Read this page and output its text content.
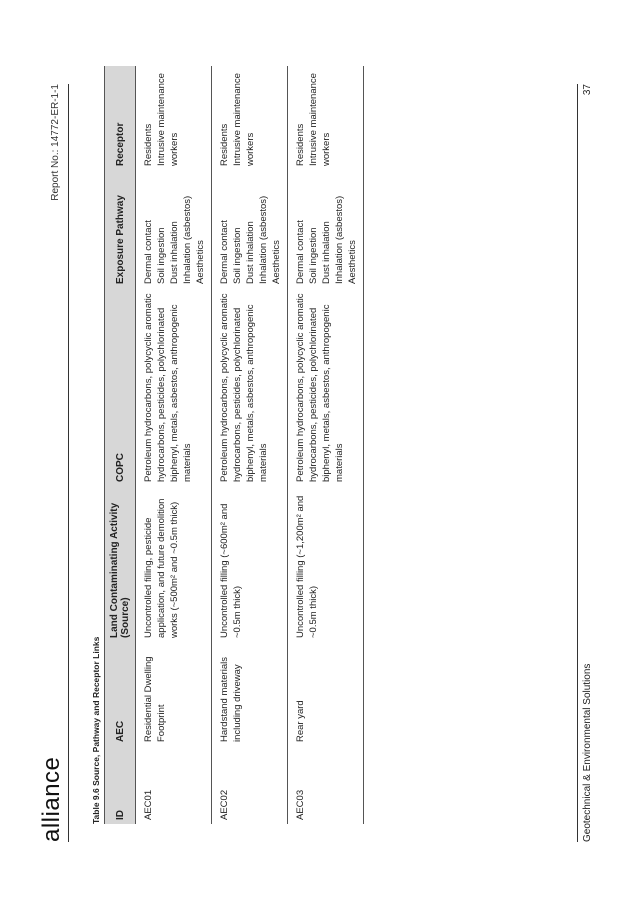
alliance
Report No.: 14772-ER-1-1
Table 9.6 Source, Pathway and Receptor Links ID	AEC	Land Contaminating Activity (Source)	COPC	Exposure Pathway	Receptor
AEC01	Residential Dwelling Footprint	Uncontrolled filling, pesticide application, and future demolition works (~500m² and ~0.5m thick)	Petroleum hydrocarbons, polycyclic aromatic hydrocarbons, pesticides, polychlorinated biphenyl, metals, asbestos, anthropogenic materials	Dermal contact Soil ingestion Dust inhalation Inhalation (asbestos) Aesthetics	Residents Intrusive maintenance workers

AEC02	Hardstand materials including driveway	Uncontrolled filling (~600m² and ~0.5m thick)	Petroleum hydrocarbons, polycyclic aromatic hydrocarbons, pesticides, polychlorinated biphenyl, metals, asbestos, anthropogenic materials	Dermal contact Soil ingestion Dust inhalation Inhalation (asbestos) Aesthetics	Residents Intrusive maintenance workers

AEC03	Rear yard	Uncontrolled filling (~1,200m² and ~0.5m thick)	Petroleum hydrocarbons, polycyclic aromatic hydrocarbons, pesticides, polychlorinated biphenyl, metals, asbestos, anthropogenic materials	Dermal contact Soil ingestion Dust inhalation Inhalation (asbestos) Aesthetics	Residents Intrusive maintenance workers
Geotechnical & Environmental Solutions
37
